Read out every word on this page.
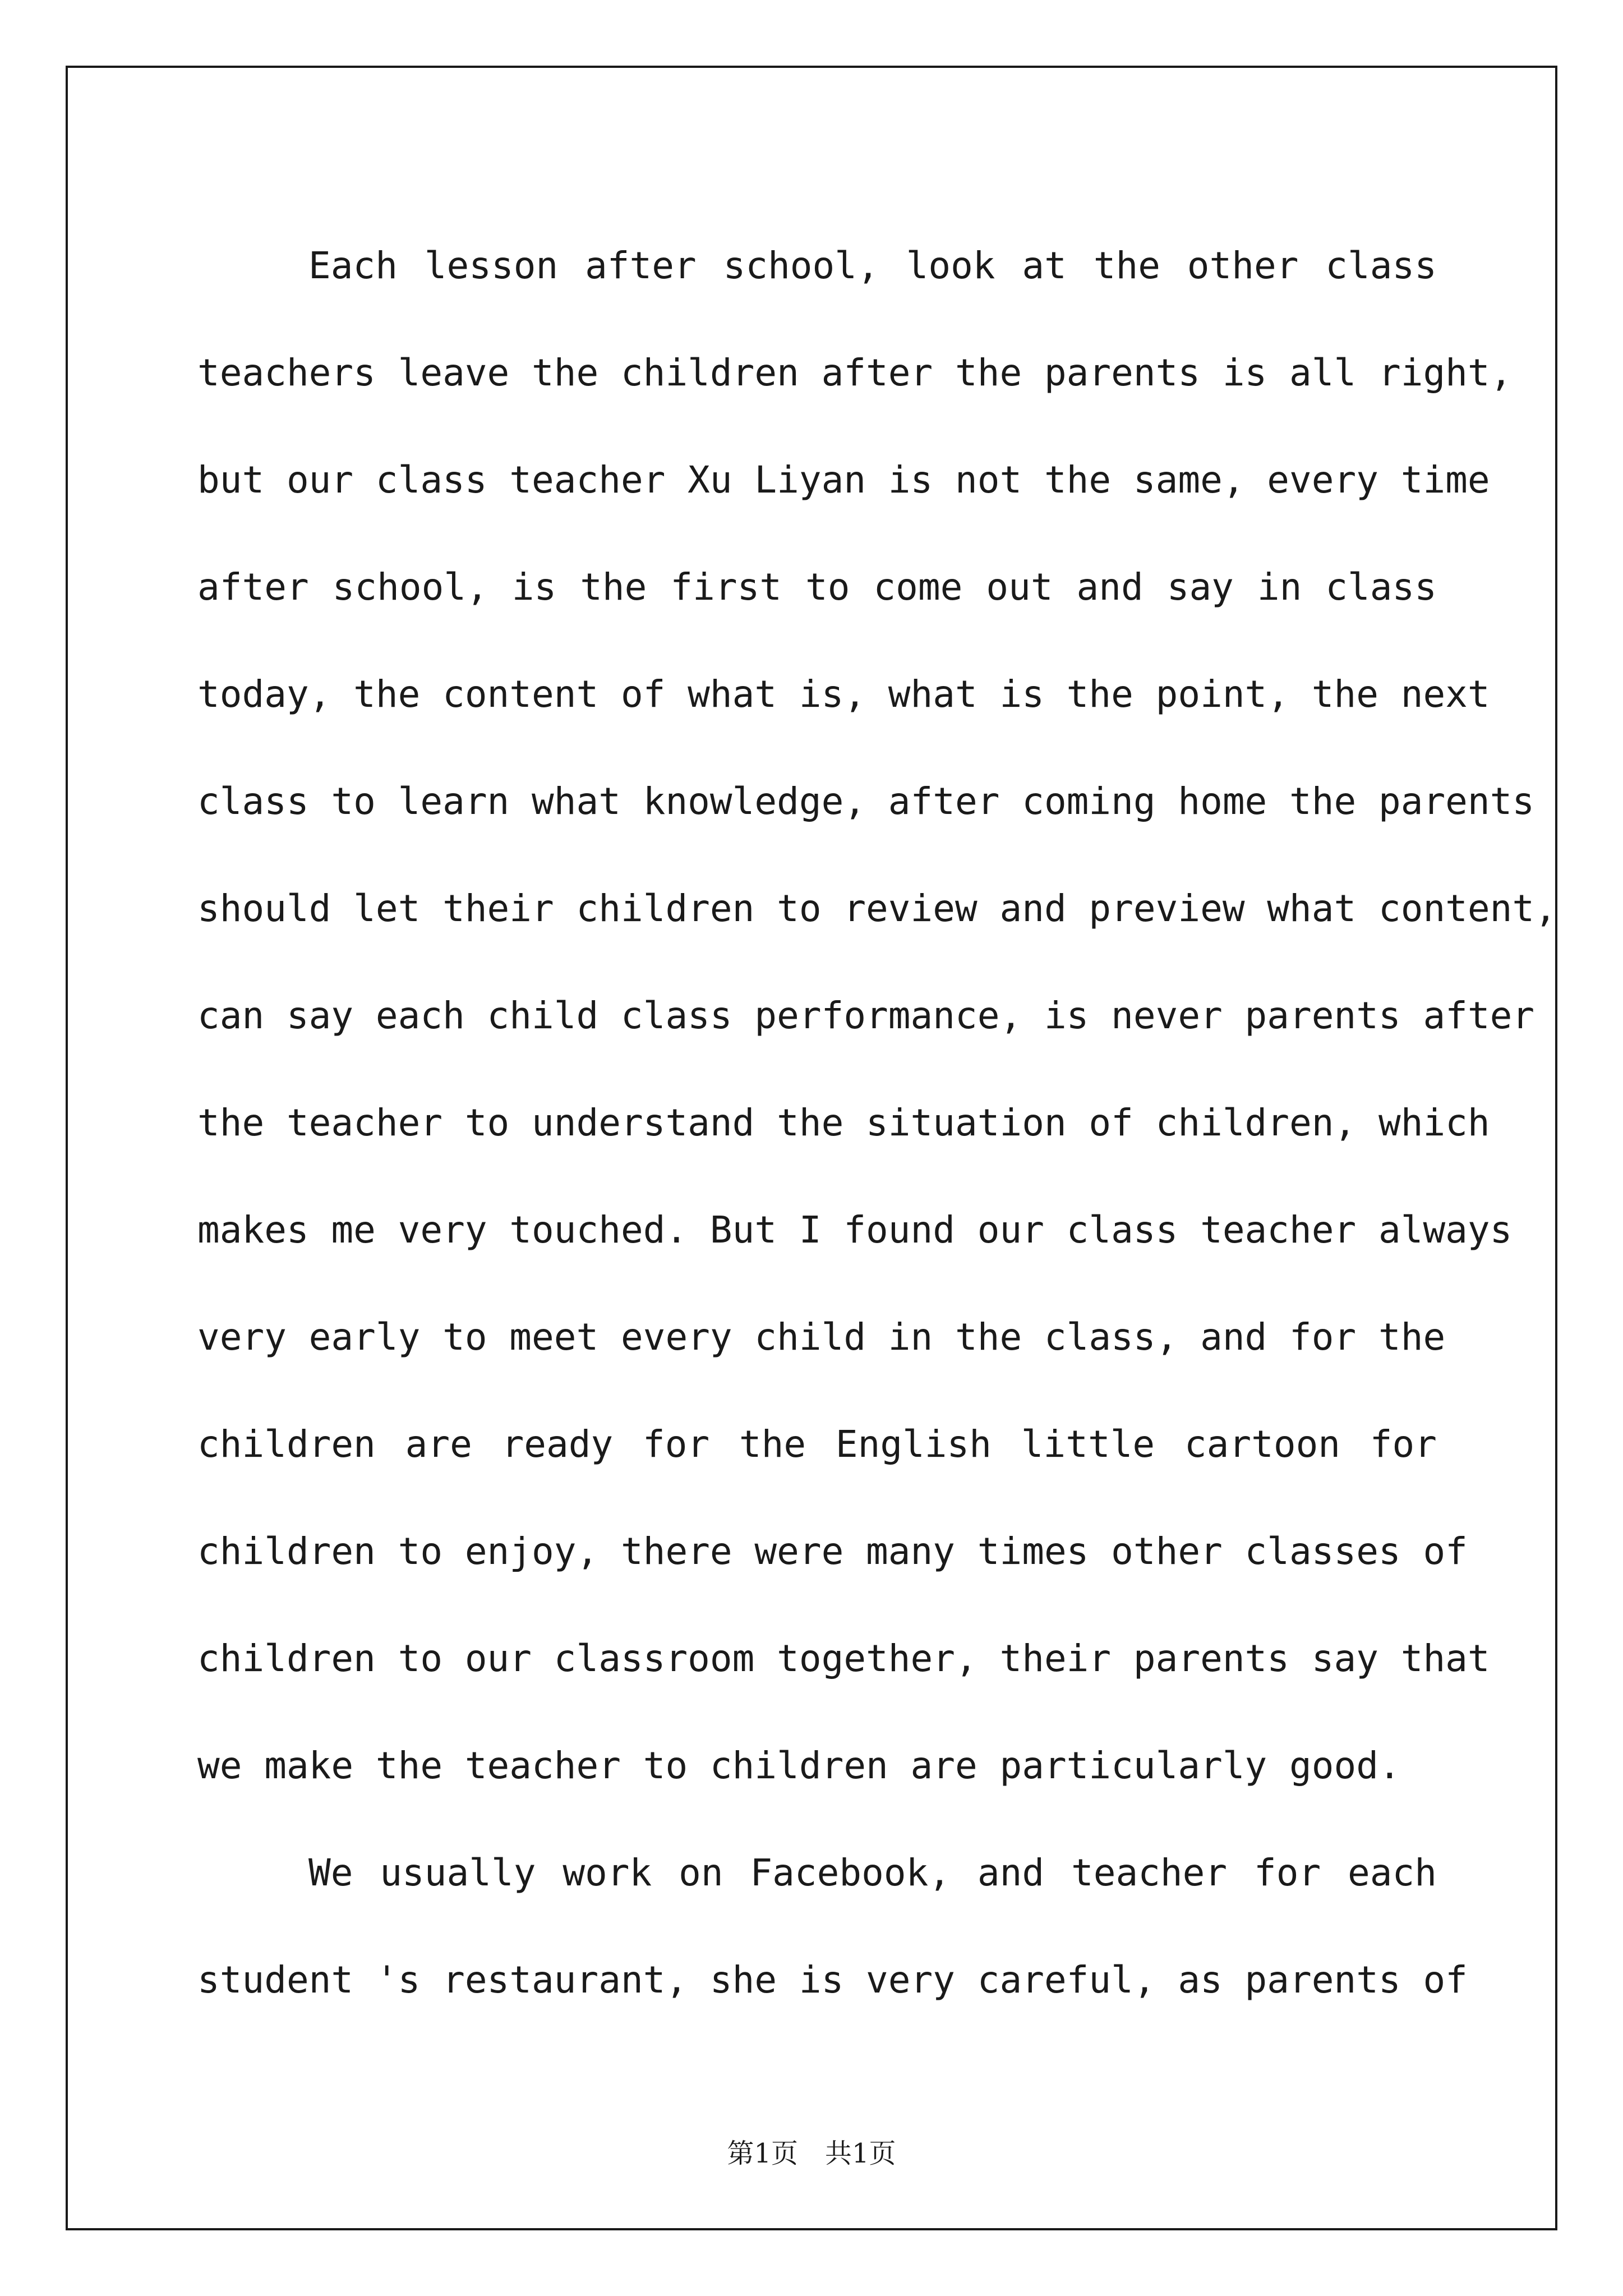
Each lesson after school, look at the other class
teachers leave the children after the parents is all right,
but our class teacher Xu Liyan is not the same, every time
after school, is the first to come out and say in class
today, the content of what is, what is the point, the next
class to learn what knowledge, after coming home the parents
should let their children to review and preview what content,
can say each child class performance, is never parents after
the teacher to understand the situation of children, which
makes me very touched. But I found our class teacher always
very early to meet every child in the class, and for the
children are ready for the English little cartoon for
children to enjoy, there were many times other classes of
children to our classroom together, their parents say that
we make the teacher to children are particularly good.
We usually work on Facebook, and teacher for each
student 's restaurant, she is very careful, as parents of
第1页　共1页
